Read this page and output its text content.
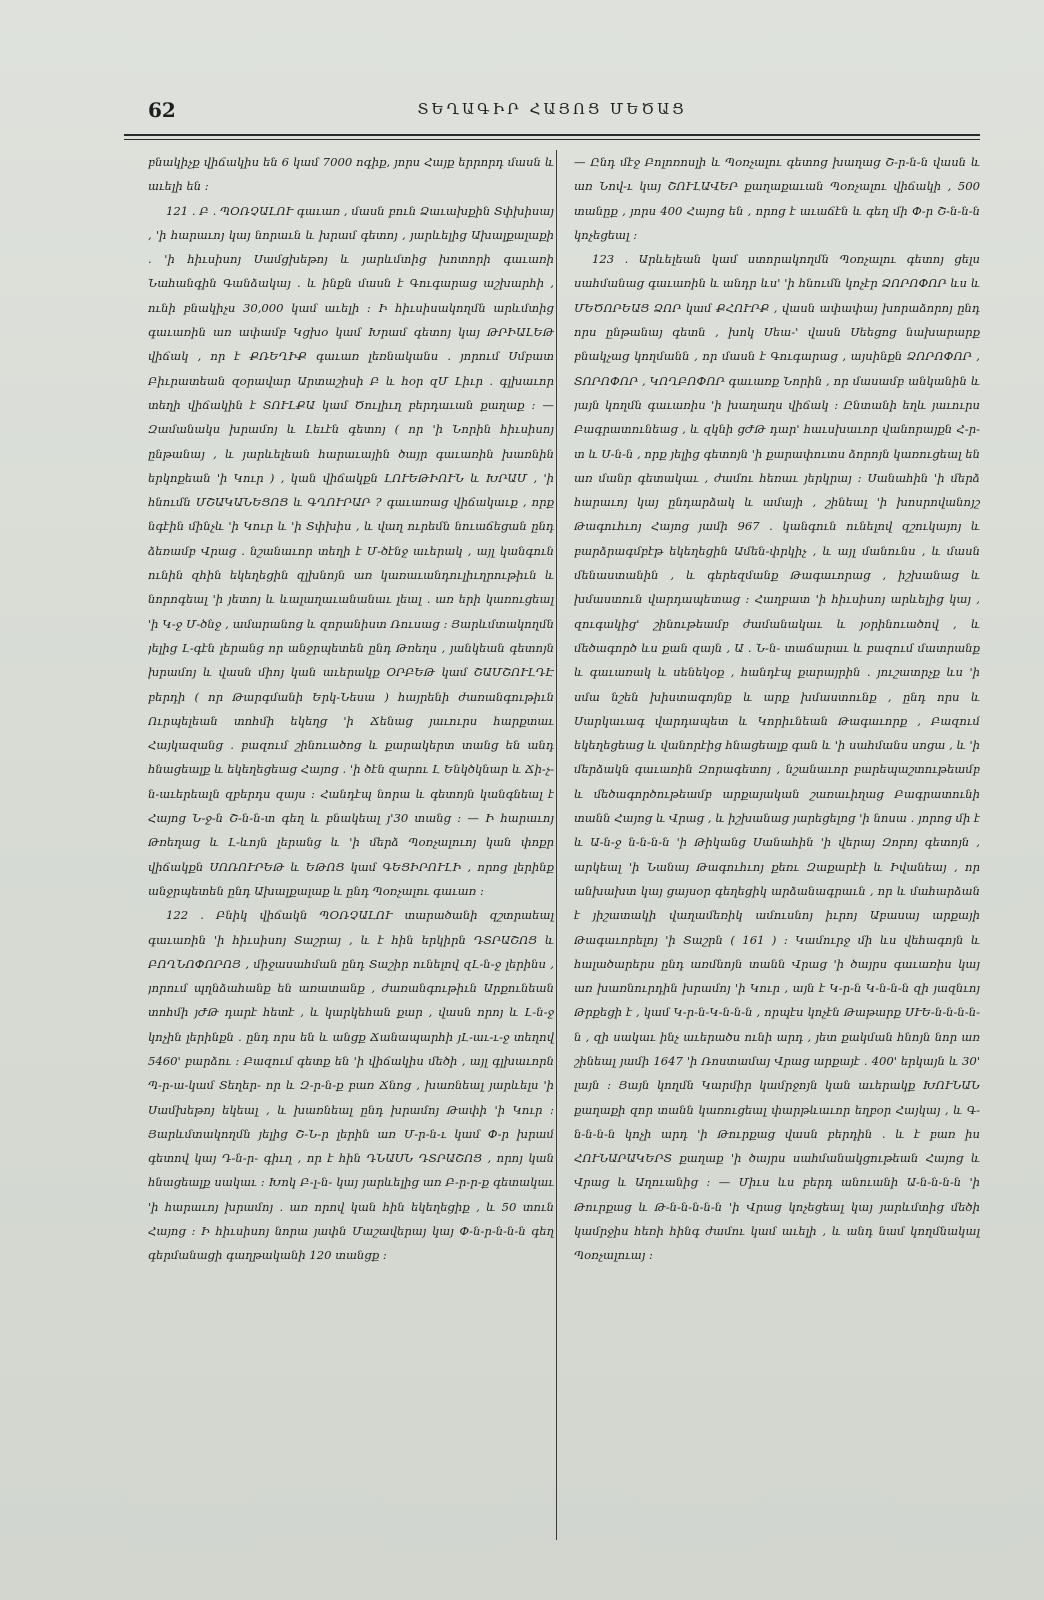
62	ՏԵՂԱԳԻՐ ՀԱՅՈՑ ՄԵԾԱՑ

բնակիչք վիճակիս են 6 կամ 7000 ոգիք, յորս Հայք երրորդ մասն և աւելի են ։

121 . Բ . ՊՕՌՉԱԼՈՒ գաւառ , մասն բուն Ձաւախքին Տփխիսայ , 'ի հարաւոյ կայ նորաւն և խրամ գետոյ , յարևելից Ախալքալաքի . 'ի հիւսիսոյ Սամցխեթոյ և յարևմտից խոտորի գաւառի Նահանգին Գանձակայ . և ինքն մասն է Գուգարաց աշխարհի , ունի բնակիչս 30,000 կամ աւելի ։ Ի հիւսիսակողմն արևմտից գաւառին առ ափամբ Կցխօ կամ Խրամ գետոյ կայ ԹՐԻԱԼԵԹ վիճակ , որ է ՔՌԵՂԻՔ գաւառ լեռնականս . յորում Սմբատ Բիւրատեան զօրավար Արտաշիսի Բ և հօր զՄ Լիւր . գլխաւոր տեղի վիճակին է ՏՈՒԼՔԱ կամ Ծուլիւղ բերդաւան քաղաք ։ — Զամանակս խրամոյ և Լեւէն գետոյ ( որ 'ի Նորին հիւսիսոյ ընթանայ , և յարևելեան հարաւային ծայր գաւառին խառնին երկոքեան 'ի Կուր ) , կան վիճակքն ԼՈՒԵԹԻՈՒՆ և ԽՐԱՄ , 'ի հնումն ՄՇԱԿԱՆԵՑՈՑ և ԳՂՈՒՐԱՐ ? գաւառաց վիճակաւք , որք նգէին մինչև 'ի Կուր և 'ի Տփխիս , և վաղ ուրեմն նուաճեցան ընդ ձեռամբ Վրաց . նշանաւոր տեղի է Մ-ծէնջ աւերակ , այլ կանգուն ունին զհին եկեղեցին զլխնոյն առ կառաւանդուլիւղրութիւն և նորոգեալ 'ի յետոյ և ևալաղաւանանաւ լեալ . առ երի կառուցեալ 'ի Կ-ջ Մ-ծնջ , ամարանոց և զորանիստ Ռուսաց ։ Յարևմտակողմն յելից Լ-գէն լերանց որ անջրպետեն ընդ Թռեղս , յանկեան գետոյն խրամոյ և վասն միոյ կան աւերակք ՕՐԲԵԹ կամ ՇԱՄՇՈՒԼԴԷ բերդի ( որ Թարգմանի Երկ-Նեսա ) հայրենի ժառանգութիւն Ուրպելեան տոհմի եկեղց 'ի Ճենաց յաւուրս հարքտաւ Հայկազանց . բազում շինուածոց և քարակերտ տանց են անդ հնացեալք և եկեղեցեաց Հայոց . 'ի ծէն զարու Լ Ենկծկնար և Ճի-չ-ն-աւերեալն զբերդս զայս ։ Հանդէպ նորա և գետոյն կանգնեալ է Հայոց Ն-ջ-ն Շ-ն-ն-տ գեղ և բնակեալ յ'30 տանց ։ — Ի հարաւոյ Թռեղաց և Լ-ևոյն լերանց և 'ի մերձ Պօռչալուոյ կան փոքր վիճակքն ՍՈՌՈՒՐԵԹ և ԵԹՈՑ կամ ԳԵՑԻՐՈՒԼԻ , որոց լերինք անջրպետեն ընդ Ախալքալաք և ընդ Պօռչալու գաւառ ։

122 . Բնիկ վիճակն ՊՕՌՉԱԼՈՒ տարածանի զշտրաեալ գաւառին 'ի հիւսիսոյ Տաշրայ , և է հին երկիրն ԴՏՐԱՇՈՑ և ԲՈՂՆՈՓՈՐՈՅ , միջասահման ընդ Տաշիր ունելով զԼ-ն-ջ լերինս , յորում պղնձահանք են առատանք , ժառանգութիւն Արքունեան տոհմի յԺԹ դարէ հետէ , և կարկեհան քար , վասն որոյ և Լ-ն-ջ կոչին լերինքն . ընդ որս են և անցք Ճանապարհի յԼ-աւ-ւ-ջ տեղով 5460' բարձու ։ Բազում գետք են 'ի վիճակիս մեծի , այլ գլխաւորն Պ-ր-ա-կամ Տեղեր- որ և Զ-ր-ն-ք բառ Ճնոց , խառնեալ յարևելս 'ի Սամխեթոյ եկեալ , և խառնեալ ընդ խրամոյ Թափի 'ի Կուր ։ Յարևմտակողմն յելից Շ-Ն-ր լերին առ Մ-ր-ն-ւ կամ Փ-ր խրամ գետով կայ Դ-ն-ր- գիւղ , որ է հին ԴՆԱՍՆ ԴՏՐԱՇՈՑ , որոյ կան հնացեալք սակաւ ։ Խոկ Բ-լ-ն- կայ յարևելից առ Բ-ր-ր-ք գետակաւ 'ի հարաւոյ խրամոյ . առ որով կան հին եկեղեցիք , և 50 տուն Հայոց ։ Ի հիւսիսոյ նորա յափն Մաշավերայ կայ Փ-ն-ր-ն-ն-ն գեղ գերմանացի գաղթականի 120 տանցք ։

— Ընդ մէջ Բոլոռոսլի և Պօռչալու գետոց խաղաց Շ-ր-ն-ն վասն և առ Նով-ւ կայ ՇՈՒԼԱՎԵՐ քաղաքաւան Պօռչալու վիճակի , 500 տանըք , յորս 400 Հայոց են , որոց է աւաճէն և գեղ մի Փ-ր Շ-ն-ն-ն կոչեցեալ ։

123 . Արևելեան կամ ստորակողմն Պօռչալու գետոյ ցելս սահմանաց գաւառին և անդր ևս' 'ի հնումն կոչէր ՁՈՐՈՓՈՐ ևս և ՄԵԾՈՐԵԱՑ ՁՈՐ կամ ՔՀՈՒՐՔ , վասն ափափայ խորաձորոյ ընդ որս ընթանայ գետն , խոկ Սեա-' վասն Սեեցոց նախարարք բնակչաց կողմանն , որ մասն է Գուգարաց , այսինքն ՁՈՐՈՓՈՐ , ՏՈՐՈՓՈՐ , ԿՈՂԲՈՓՈՐ գաւառք Նորին , որ մասամբ անկանին և յայն կողմն գաւառիս 'ի խաղաղս վիճակ ։ Ընտանի եղև յաւուրս Բագրատունեաց , և զկնի ցԺԹ դար' հաւսխաւոր վանորայքն Հ-ր-տ և Ս-ն-ն , որք յելից գետոյն 'ի քարափուտս ձորոյն կառուցեալ են առ մանր գետակաւ , ժամու հեռաւ յերկրայ ։ Սանահին 'ի մերձ հարաւոյ կայ ընդարձակ և ամայի , շինեալ 'ի խոսրովանոյշ Թագուհւոյ Հայոց յամի 967 . կանգուն ունելով զշուկայոյ և բարձրագմբէթ եկեղեցին Ամեն-փրկիչ , և այլ մանունս , և մասն մենաստանին , և գերեզմանք Թագաւորաց , իշխանաց և խմաստուն վարդապետաց ։ Հաղբատ 'ի հիւսիսոյ արևելից կայ , զուգակից' շինութեամբ ժամանակաւ և յօրինուածով , և մեծագործ ևս քան զայն , Ա . Ն-ն- տաճարաւ և բազում մատրանք և գաւառակ և սենեկօք , հանդէպ քարայրին . յուշատրչք ևս 'ի սմա նշեն խիստագոյնք և արք խմաստունք , ընդ որս և Սարկաւագ վարդապետ և Կորիւնեան Թագաւորք , Բազում եկեղեցեաց և վանորէից հնացեալք գան և 'ի սահմանս սոցա , և 'ի մերձակն գաւառին Զորագետոյ , նշանաւոր բարեպաշտութեամբ և մեծագործութեամբ արքայական շառաւիղաց Բագրատունի տանն Հայոց և Վրաց , և իշխանաց յարեցելոց 'ի նոսա . յորոց մի է և Ա-ն-ջ ն-ն-ն-ն 'ի Թիկանց Սանահին 'ի վերայ Զորոյ գետոյն , արկեալ 'ի Նանայ Թագուհւոյ քեռւ Զաքարէի և Իվանեայ , որ անխախտ կայ ցայսօր գեղեցիկ արձանագրաւն , որ և մահարձան է յիշատակի վաղամեռիկ ամուսնոյ իւրոյ Աբասայ արքայի Թագաւորելոյ 'ի Տաշրն ( 161 ) ։ Կամուրջ մի ևս վեհագոյն և հալածարերս ընդ առմնոյն տանն Վրաց 'ի ծայրս գաւառիս կայ առ խառնուրդին խրամոյ 'ի Կուր , այն է Կ-ր-ն Կ-ն-ն-ն զի յազնւոյ Թրքեցի է , կամ Կ-ր-ն-Կ-ն-ն-ն , որպէս կոչէն Թաթարք ՍՒԵ-ն-ն-ն-ն-ն , զի սակաւ ինչ աւերածս ունի արդ , յետ քակման հնոյն նոր առ շինեալ յամի 1647 'ի Ռոստամայ Վրաց արքայէ . 400' երկայն և 30' լայն ։ Յայն կողմն Կարմիր կամրջոյն կան աւերակք ԽՈՒՆԱՆ քաղաքի զոր տանն կառուցեալ փարթևաւոր եղբօր Հայկայ , և Գ-ն-ն-ն-ն կոչի արդ 'ի Թուրքաց վասն բերդին . և է բառ իս ՀՈՒՆԱՐԱԿԵՐՏ քաղաք 'ի ծայրս սահմանակցութեան Հայոց և Վրաց և Աղուանից ։ — Միւս ևս բերդ անուանի Ա-ն-ն-ն-ն 'ի Թուրքաց և Թ-ն-ն-ն-ն-ն 'ի Վրաց կոչեցեալ կայ յարևմտից մեծի կամրջիս հեռի հինգ ժամու կամ աւելի , և անդ նամ կողմնակալ Պօռչալուայ ։
